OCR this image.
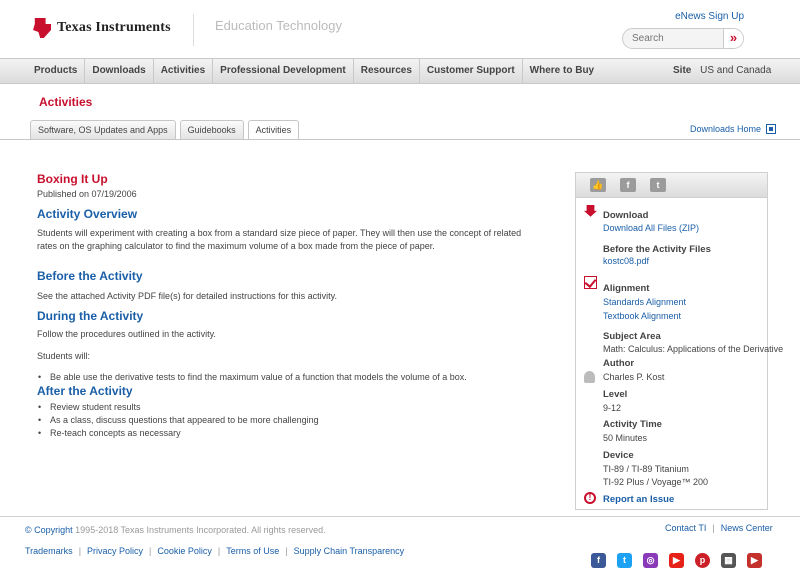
Texas Instruments	Education Technology
eNews Sign Up
Search
»
Products	Downloads	Activities	Professional Development	Resources	Customer Support	Where to Buy	Site US and Canada
Activities
Software, OS Updates and Apps	Guidebooks	Activities	Downloads Home
Boxing It Up
Published on 07/19/2006
Activity Overview
Students will experiment with creating a box from a standard size piece of paper. They will then use the concept of related rates on the graphing calculator to find the maximum volume of a box made from the piece of paper.
Before the Activity
See the attached Activity PDF file(s) for detailed instructions for this activity.
During the Activity
Follow the procedures outlined in the activity.
Students will:
• Be able use the derivative tests to find the maximum value of a function that models the volume of a box.
After the Activity
• Review student results
• As a class, discuss questions that appeared to be more challenging
• Re-teach concepts as necessary
👍	f	t
Download
Download All Files (ZIP)
Before the Activity Files
kostc08.pdf
Alignment
Standards Alignment
Textbook Alignment
Subject Area
Math: Calculus: Applications of the Derivative
Author
Charles P. Kost
Level
9-12
Activity Time
50 Minutes
Device
TI-89 / TI-89 Titanium
TI-92 Plus / Voyage™ 200
!	Report an Issue
© Copyright 1995-2018 Texas Instruments Incorporated. All rights reserved.	Contact TI | News Center
Trademarks | Privacy Policy | Cookie Policy | Terms of Use | Supply Chain Transparency
f	t	◎	▶	p	▦	▶
